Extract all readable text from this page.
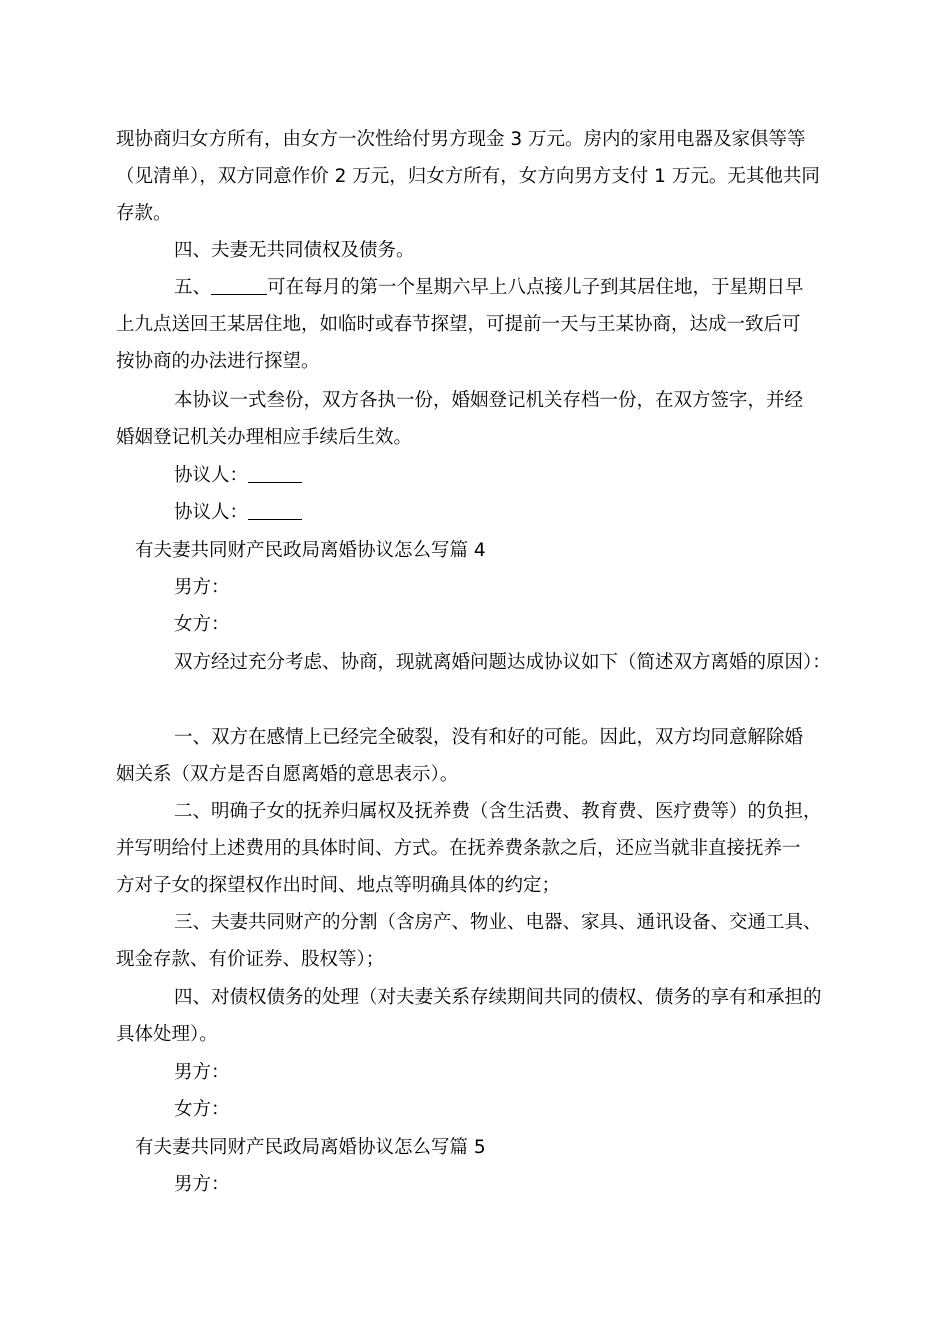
现协商归女方所有，由女方一次性给付男方现金 3 万元。房内的家用电器及家俱等等
（见清单），双方同意作价 2 万元，归女方所有，女方向男方支付 1 万元。无其他共同
存款。
四、夫妻无共同债权及债务。
五、	可在每月的第一个星期六早上八点接儿子到其居住地，于星期日早
上九点送回王某居住地，如临时或春节探望，可提前一天与王某协商，达成一致后可
按协商的办法进行探望。
本协议一式叁份，双方各执一份，婚姻登记机关存档一份，在双方签字，并经
婚姻登记机关办理相应手续后生效。
协议人：
协议人：
有夫妻共同财产民政局离婚协议怎么写篇 4
男方：
女方：
双方经过充分考虑、协商，现就离婚问题达成协议如下（简述双方离婚的原因）：
一、双方在感情上已经完全破裂，没有和好的可能。因此，双方均同意解除婚
姻关系（双方是否自愿离婚的意思表示）。
二、明确子女的抚养归属权及抚养费（含生活费、教育费、医疗费等）的负担，
并写明给付上述费用的具体时间、方式。在抚养费条款之后，还应当就非直接抚养一
方对子女的探望权作出时间、地点等明确具体的约定；
三、夫妻共同财产的分割（含房产、物业、电器、家具、通讯设备、交通工具、
现金存款、有价证券、股权等）；
四、对债权债务的处理（对夫妻关系存续期间共同的债权、债务的享有和承担的
具体处理）。
男方：
女方：
有夫妻共同财产民政局离婚协议怎么写篇 5
男方：
